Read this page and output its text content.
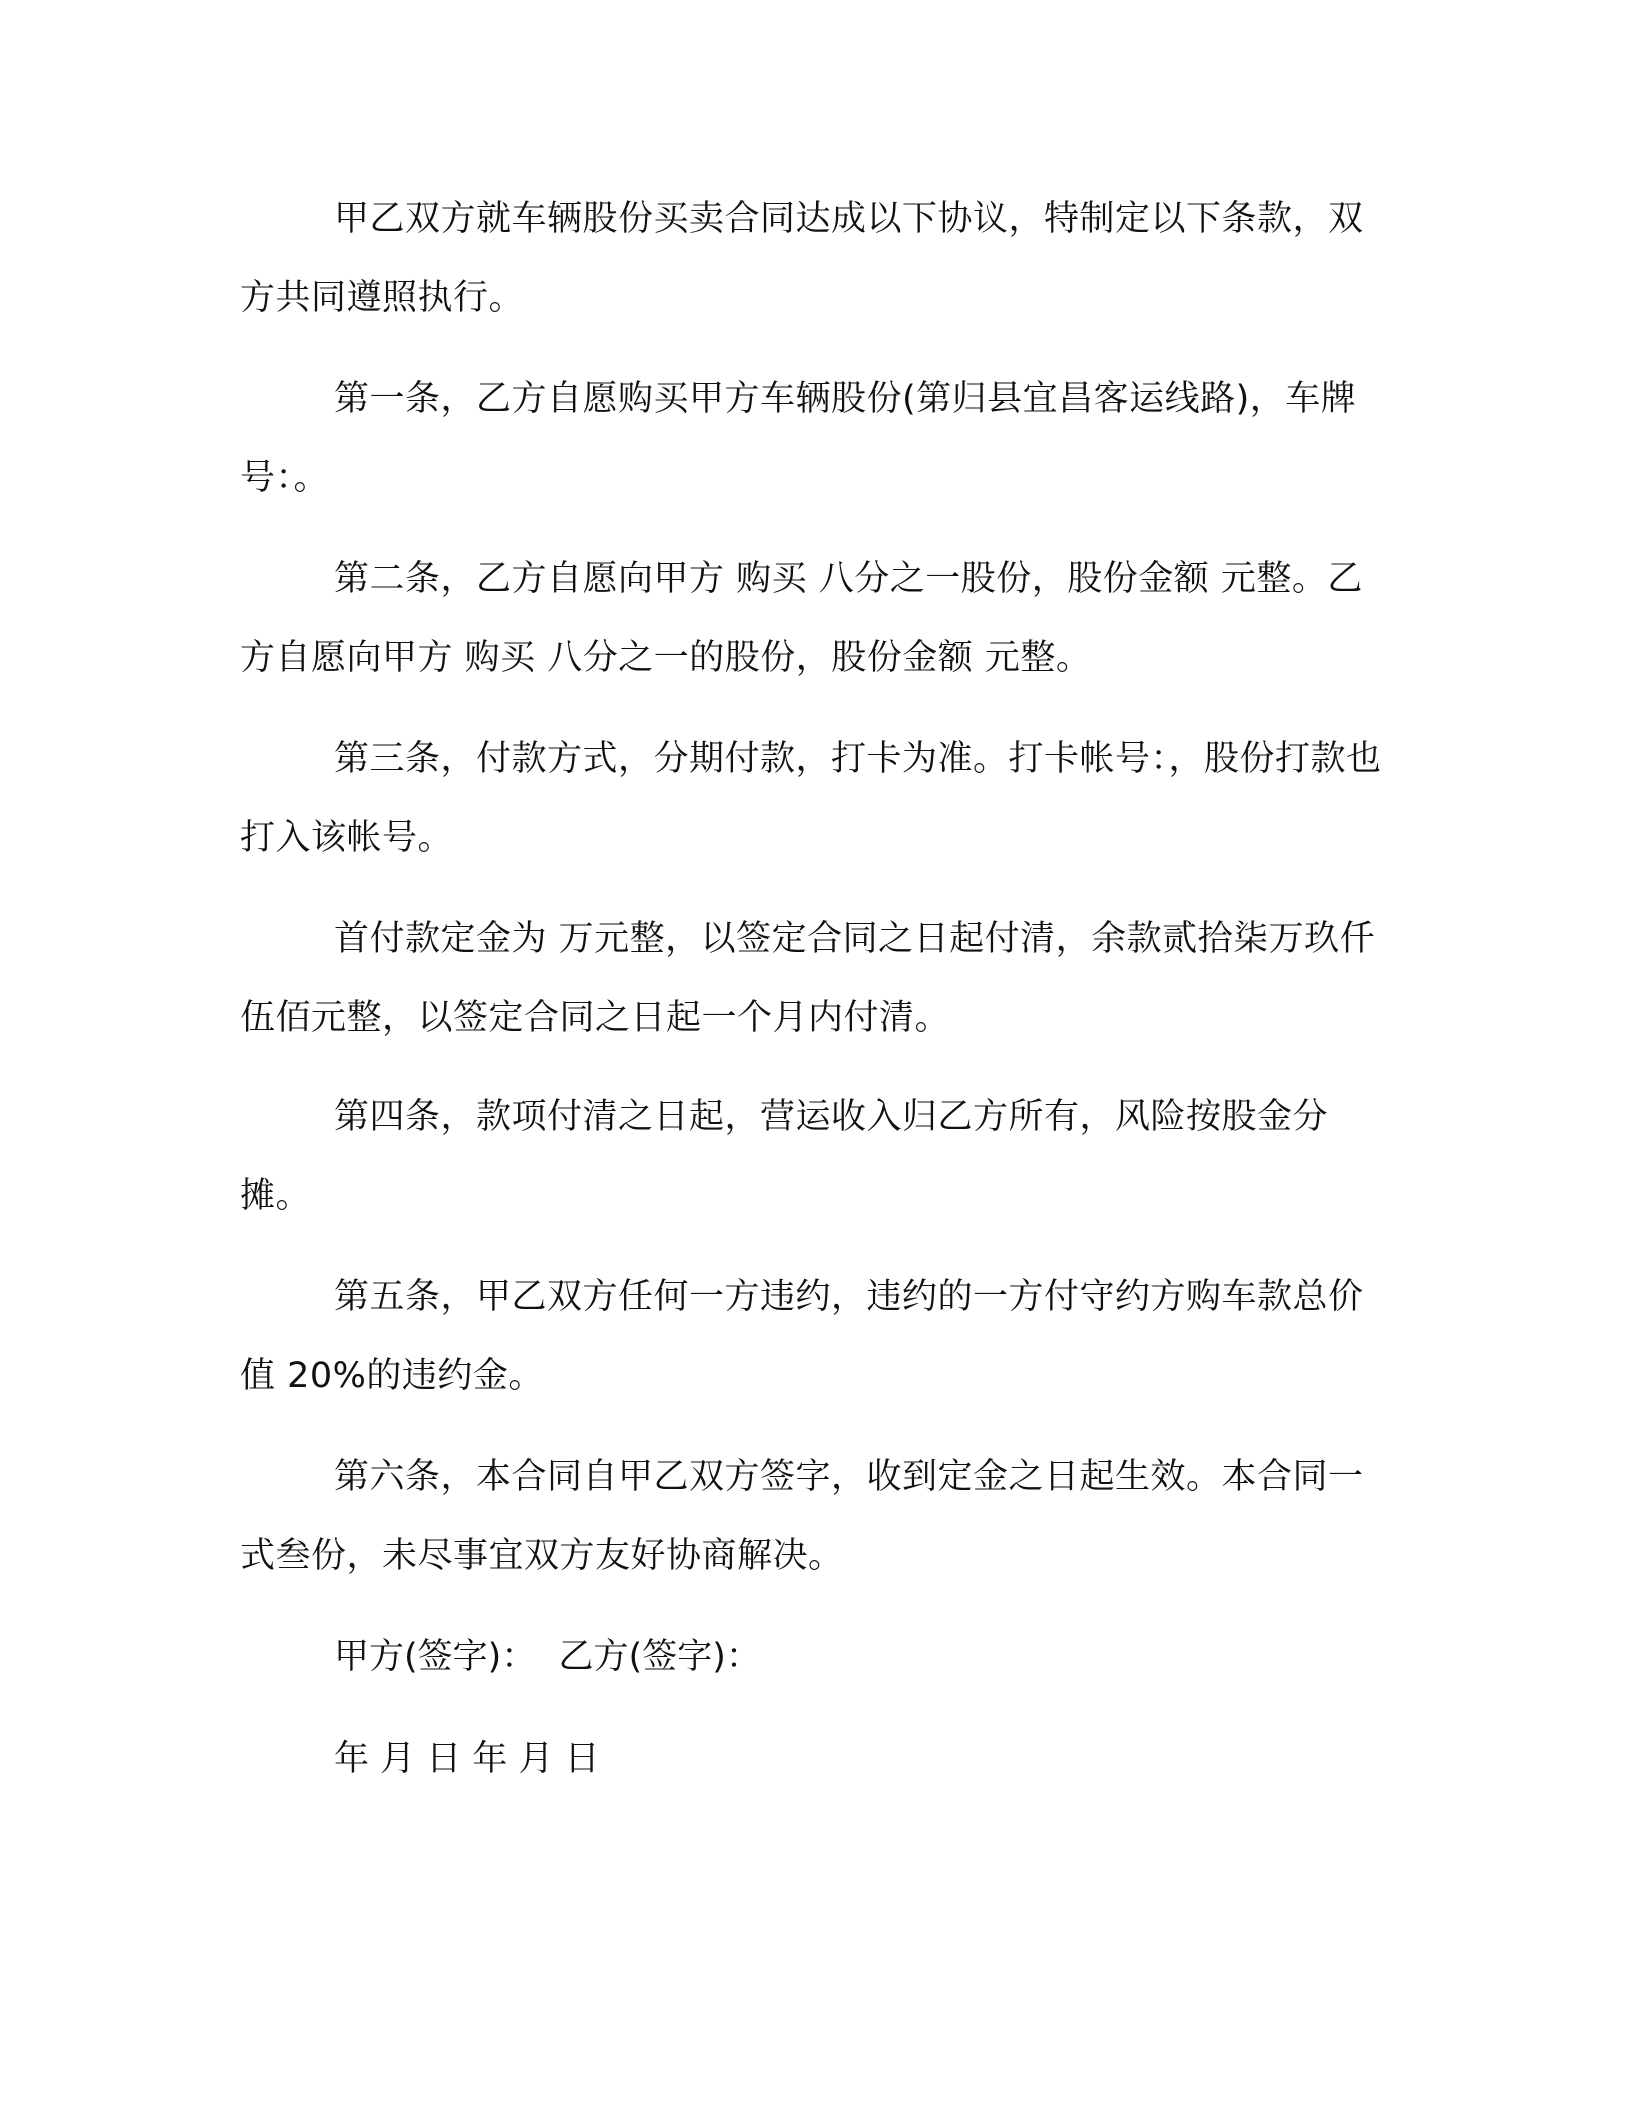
甲乙双方就车辆股份买卖合同达成以下协议，特制定以下条款，双方共同遵照执行。

第一条，乙方自愿购买甲方车辆股份(第归县宜昌客运线路)，车牌号：。

第二条，乙方自愿向甲方 购买 八分之一股份，股份金额 元整。乙方自愿向甲方 购买 八分之一的股份，股份金额 元整。

第三条，付款方式，分期付款，打卡为准。打卡帐号：，股份打款也打入该帐号。

首付款定金为 万元整，以签定合同之日起付清，余款贰拾柒万玖仟伍佰元整，以签定合同之日起一个月内付清。

第四条，款项付清之日起，营运收入归乙方所有，风险按股金分摊。

第五条，甲乙双方任何一方违约，违约的一方付守约方购车款总价值 20%的违约金。

第六条，本合同自甲乙双方签字，收到定金之日起生效。本合同一式叁份，未尽事宜双方友好协商解决。

甲方(签字)：  乙方(签字)：

年 月 日 年 月 日
